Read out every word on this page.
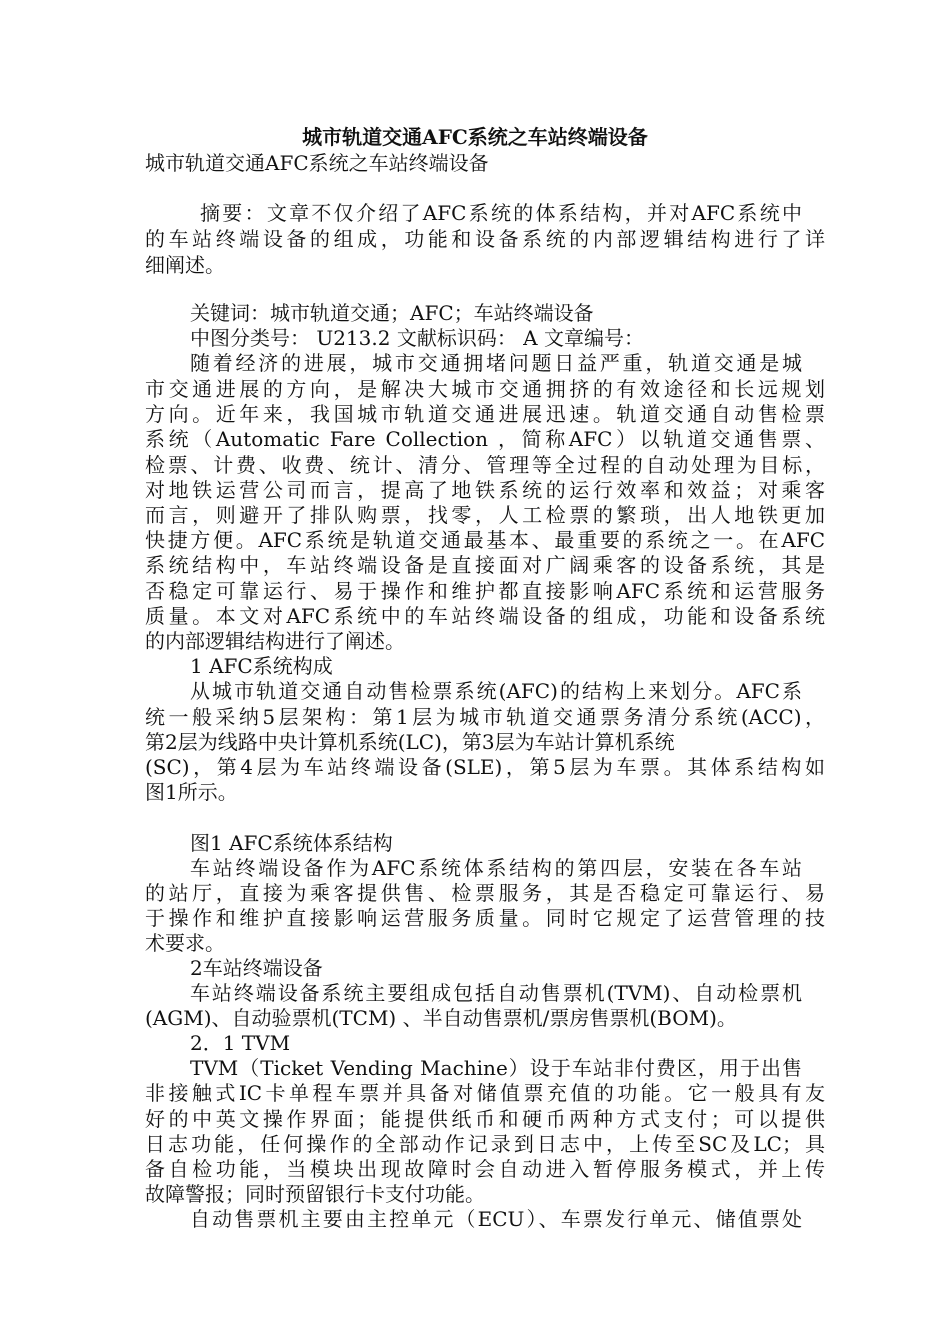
城市轨道交通AFC系统之车站终端设备
城市轨道交通AFC系统之车站终端设备
摘要：文章不仅介绍了AFC系统的体系结构，并对AFC系统中
的车站终端设备的组成，功能和设备系统的内部逻辑结构进行了详
细阐述。
关键词：城市轨道交通；AFC；车站终端设备
中图分类号： U213.2 文献标识码： A 文章编号：
随着经济的进展，城市交通拥堵问题日益严重，轨道交通是城
市交通进展的方向，是解决大城市交通拥挤的有效途径和长远规划
方向。近年来，我国城市轨道交通进展迅速。轨道交通自动售检票
系统（Automatic Fare Collection ，简称AFC）以轨道交通售票、
检票、计费、收费、统计、清分、管理等全过程的自动处理为目标，
对地铁运营公司而言，提高了地铁系统的运行效率和效益；对乘客
而言，则避开了排队购票，找零，人工检票的繁琐，出人地铁更加
快捷方便。AFC系统是轨道交通最基本、最重要的系统之一。在AFC
系统结构中，车站终端设备是直接面对广阔乘客的设备系统，其是
否稳定可靠运行、易于操作和维护都直接影响AFC系统和运营服务
质量。本文对AFC系统中的车站终端设备的组成，功能和设备系统
的内部逻辑结构进行了阐述。
1 AFC系统构成
从城市轨道交通自动售检票系统(AFC)的结构上来划分。AFC系
统一般采纳5层架构：第1层为城市轨道交通票务清分系统(ACC)，
第2层为线路中央计算机系统(LC)，第3层为车站计算机系统
(SC)，第4层为车站终端设备(SLE)，第5层为车票。其体系结构如
图1所示。
图1 AFC系统体系结构
车站终端设备作为AFC系统体系结构的第四层，安装在各车站
的站厅，直接为乘客提供售、检票服务，其是否稳定可靠运行、易
于操作和维护直接影响运营服务质量。同时它规定了运营管理的技
术要求。
2车站终端设备
车站终端设备系统主要组成包括自动售票机(TVM)、自动检票机
(AGM)、自动验票机(TCM) 、半自动售票机/票房售票机(BOM)。
2．1 TVM
TVM（Ticket Vending Machine）设于车站非付费区，用于出售
非接触式IC卡单程车票并具备对储值票充值的功能。它一般具有友
好的中英文操作界面；能提供纸币和硬币两种方式支付；可以提供
日志功能，任何操作的全部动作记录到日志中，上传至SC及LC；具
备自检功能，当模块出现故障时会自动进入暂停服务模式，并上传
故障警报；同时预留银行卡支付功能。
自动售票机主要由主控单元（ECU）、车票发行单元、储值票处
